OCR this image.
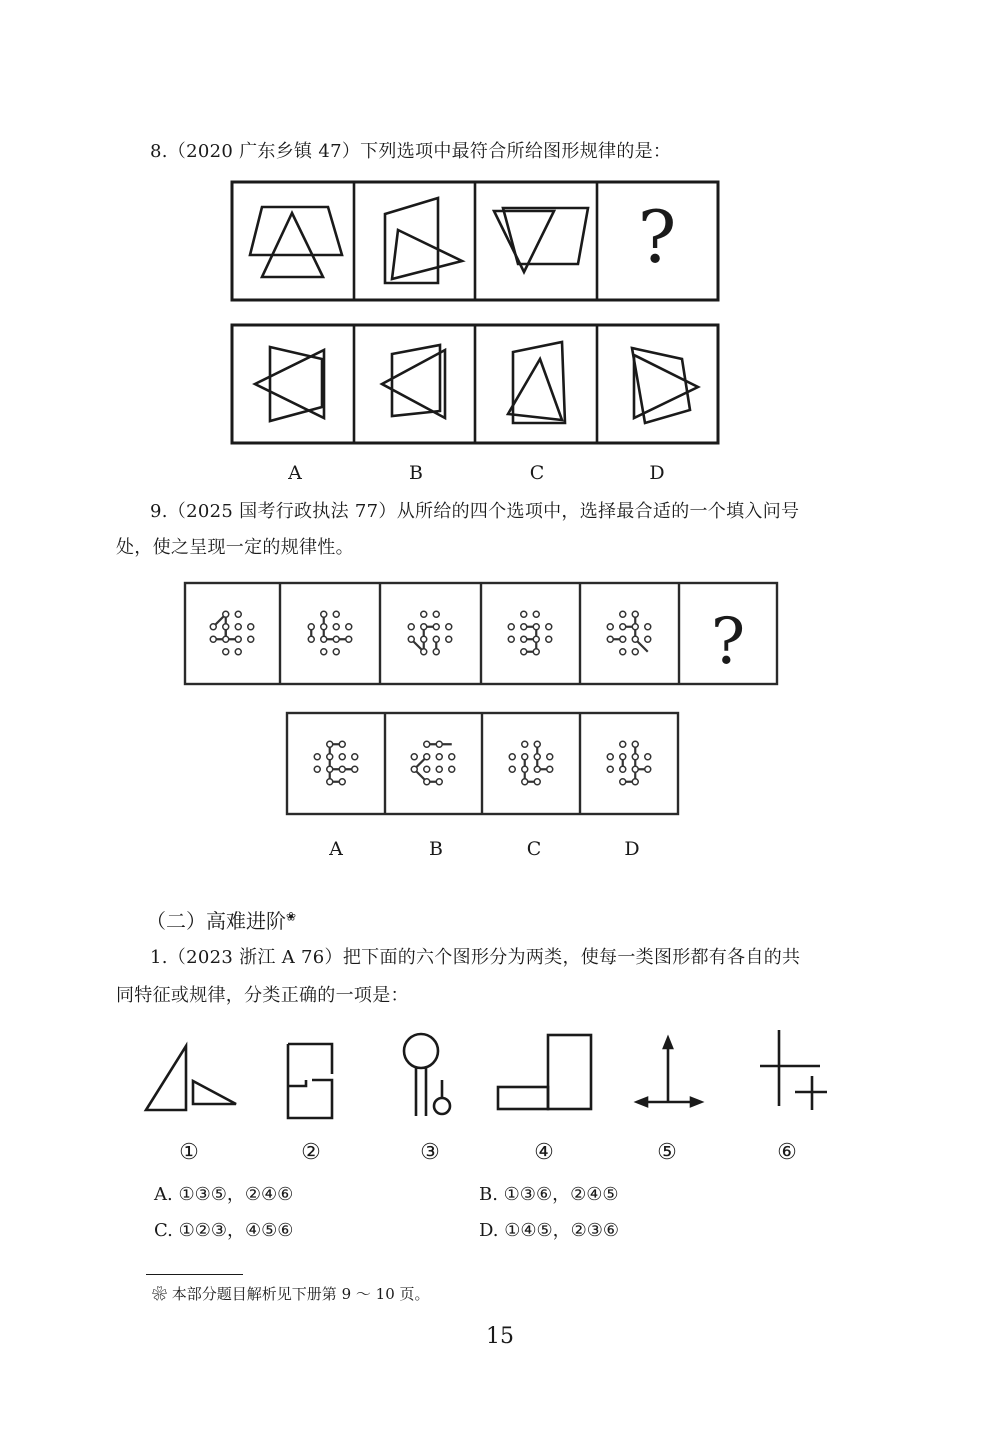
8.（2020 广东乡镇 47）下列选项中最符合所给图形规律的是：
?
A	B	C	D
9.（2025 国考行政执法 77）从所给的四个选项中，选择最合适的一个填入问号
处，使之呈现一定的规律性。
?
A	B	C	D
（二）高难进阶❀
1.（2023 浙江 A 76）把下面的六个图形分为两类，使每一类图形都有各自的共
同特征或规律，分类正确的一项是：
①	②	③	④	⑤	⑥
A. ①③⑤，②④⑥	B. ①③⑥，②④⑤
C. ①②③，④⑤⑥	D. ①④⑤，②③⑥
❀ 本部分题目解析见下册第 9 ～ 10 页。
15
